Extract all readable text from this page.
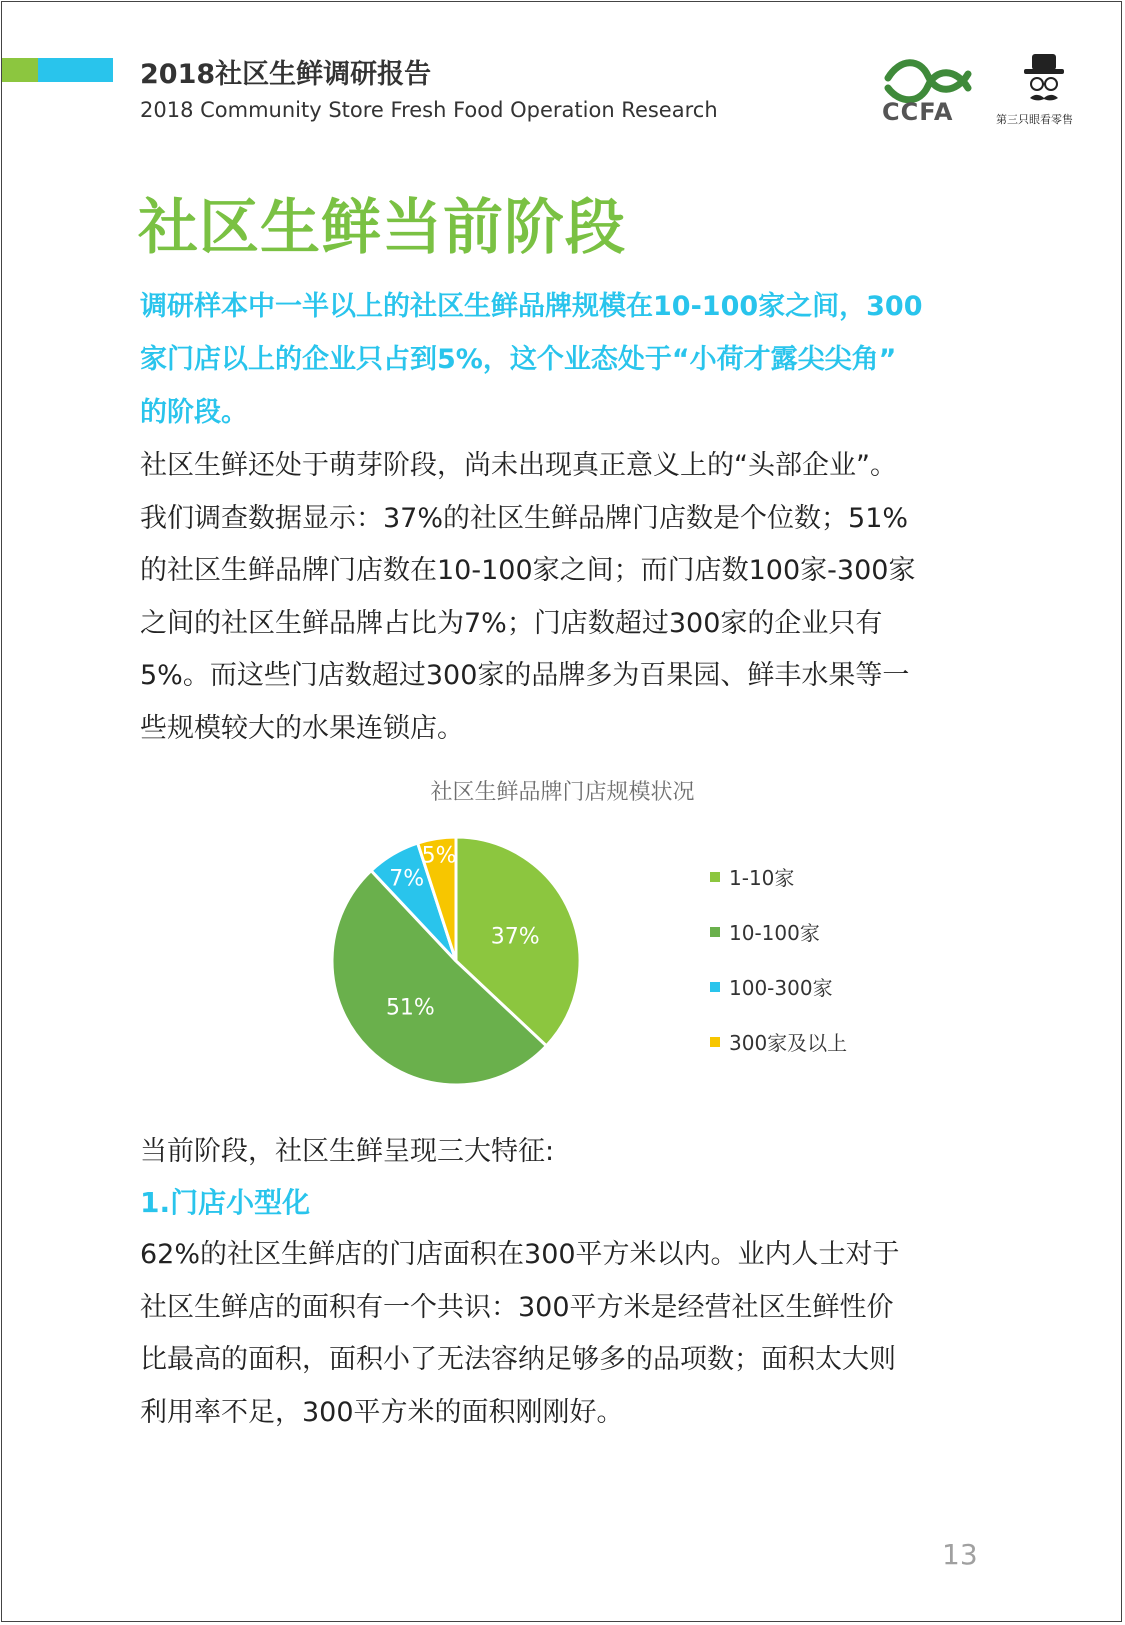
2018社区生鲜调研报告
2018 Community Store Fresh Food Operation Research	CCFA	第三只眼看零售
社区生鲜当前阶段
调研样本中一半以上的社区生鲜品牌规模在10-100家之间，300
家门店以上的企业只占到5%，这个业态处于“小荷才露尖尖角”
的阶段。
社区生鲜还处于萌芽阶段，尚未出现真正意义上的“头部企业”。
我们调查数据显示：37%的社区生鲜品牌门店数是个位数；51%
的社区生鲜品牌门店数在10-100家之间；而门店数100家-300家
之间的社区生鲜品牌占比为7%；门店数超过300家的企业只有
5%。而这些门店数超过300家的品牌多为百果园、鲜丰水果等一
些规模较大的水果连锁店。
社区生鲜品牌门店规模状况
37%
51%
7%
5%
1-10家
10-100家
100-300家
300家及以上
当前阶段，社区生鲜呈现三大特征:
1.门店小型化
62%的社区生鲜店的门店面积在300平方米以内。业内人士对于
社区生鲜店的面积有一个共识：300平方米是经营社区生鲜性价
比最高的面积，面积小了无法容纳足够多的品项数；面积太大则
利用率不足，300平方米的面积刚刚好。
13
